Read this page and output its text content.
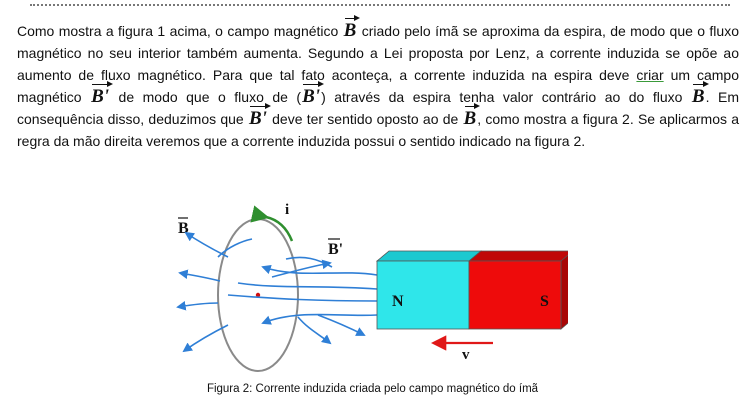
Como mostra a figura 1 acima, o campo magnético B criado pelo ímã se aproxima da espira, de modo que o fluxo magnético no seu interior também aumenta. Segundo a Lei proposta por Lenz, a corrente induzida se opõe ao aumento de fluxo magnético. Para que tal fato aconteça, a corrente induzida na espira deve criar um campo magnético B' de modo que o fluxo de (B') através da espira tenha valor contrário ao do fluxo B. Em consequência disso, deduzimos que B' deve ter sentido oposto ao de B, como mostra a figura 2. Se aplicarmos a regra da mão direita veremos que a corrente induzida possui o sentido indicado na figura 2.

i
B
B'
N	S
v
Figura 2: Corrente induzida criada pelo campo magnético do ímã
